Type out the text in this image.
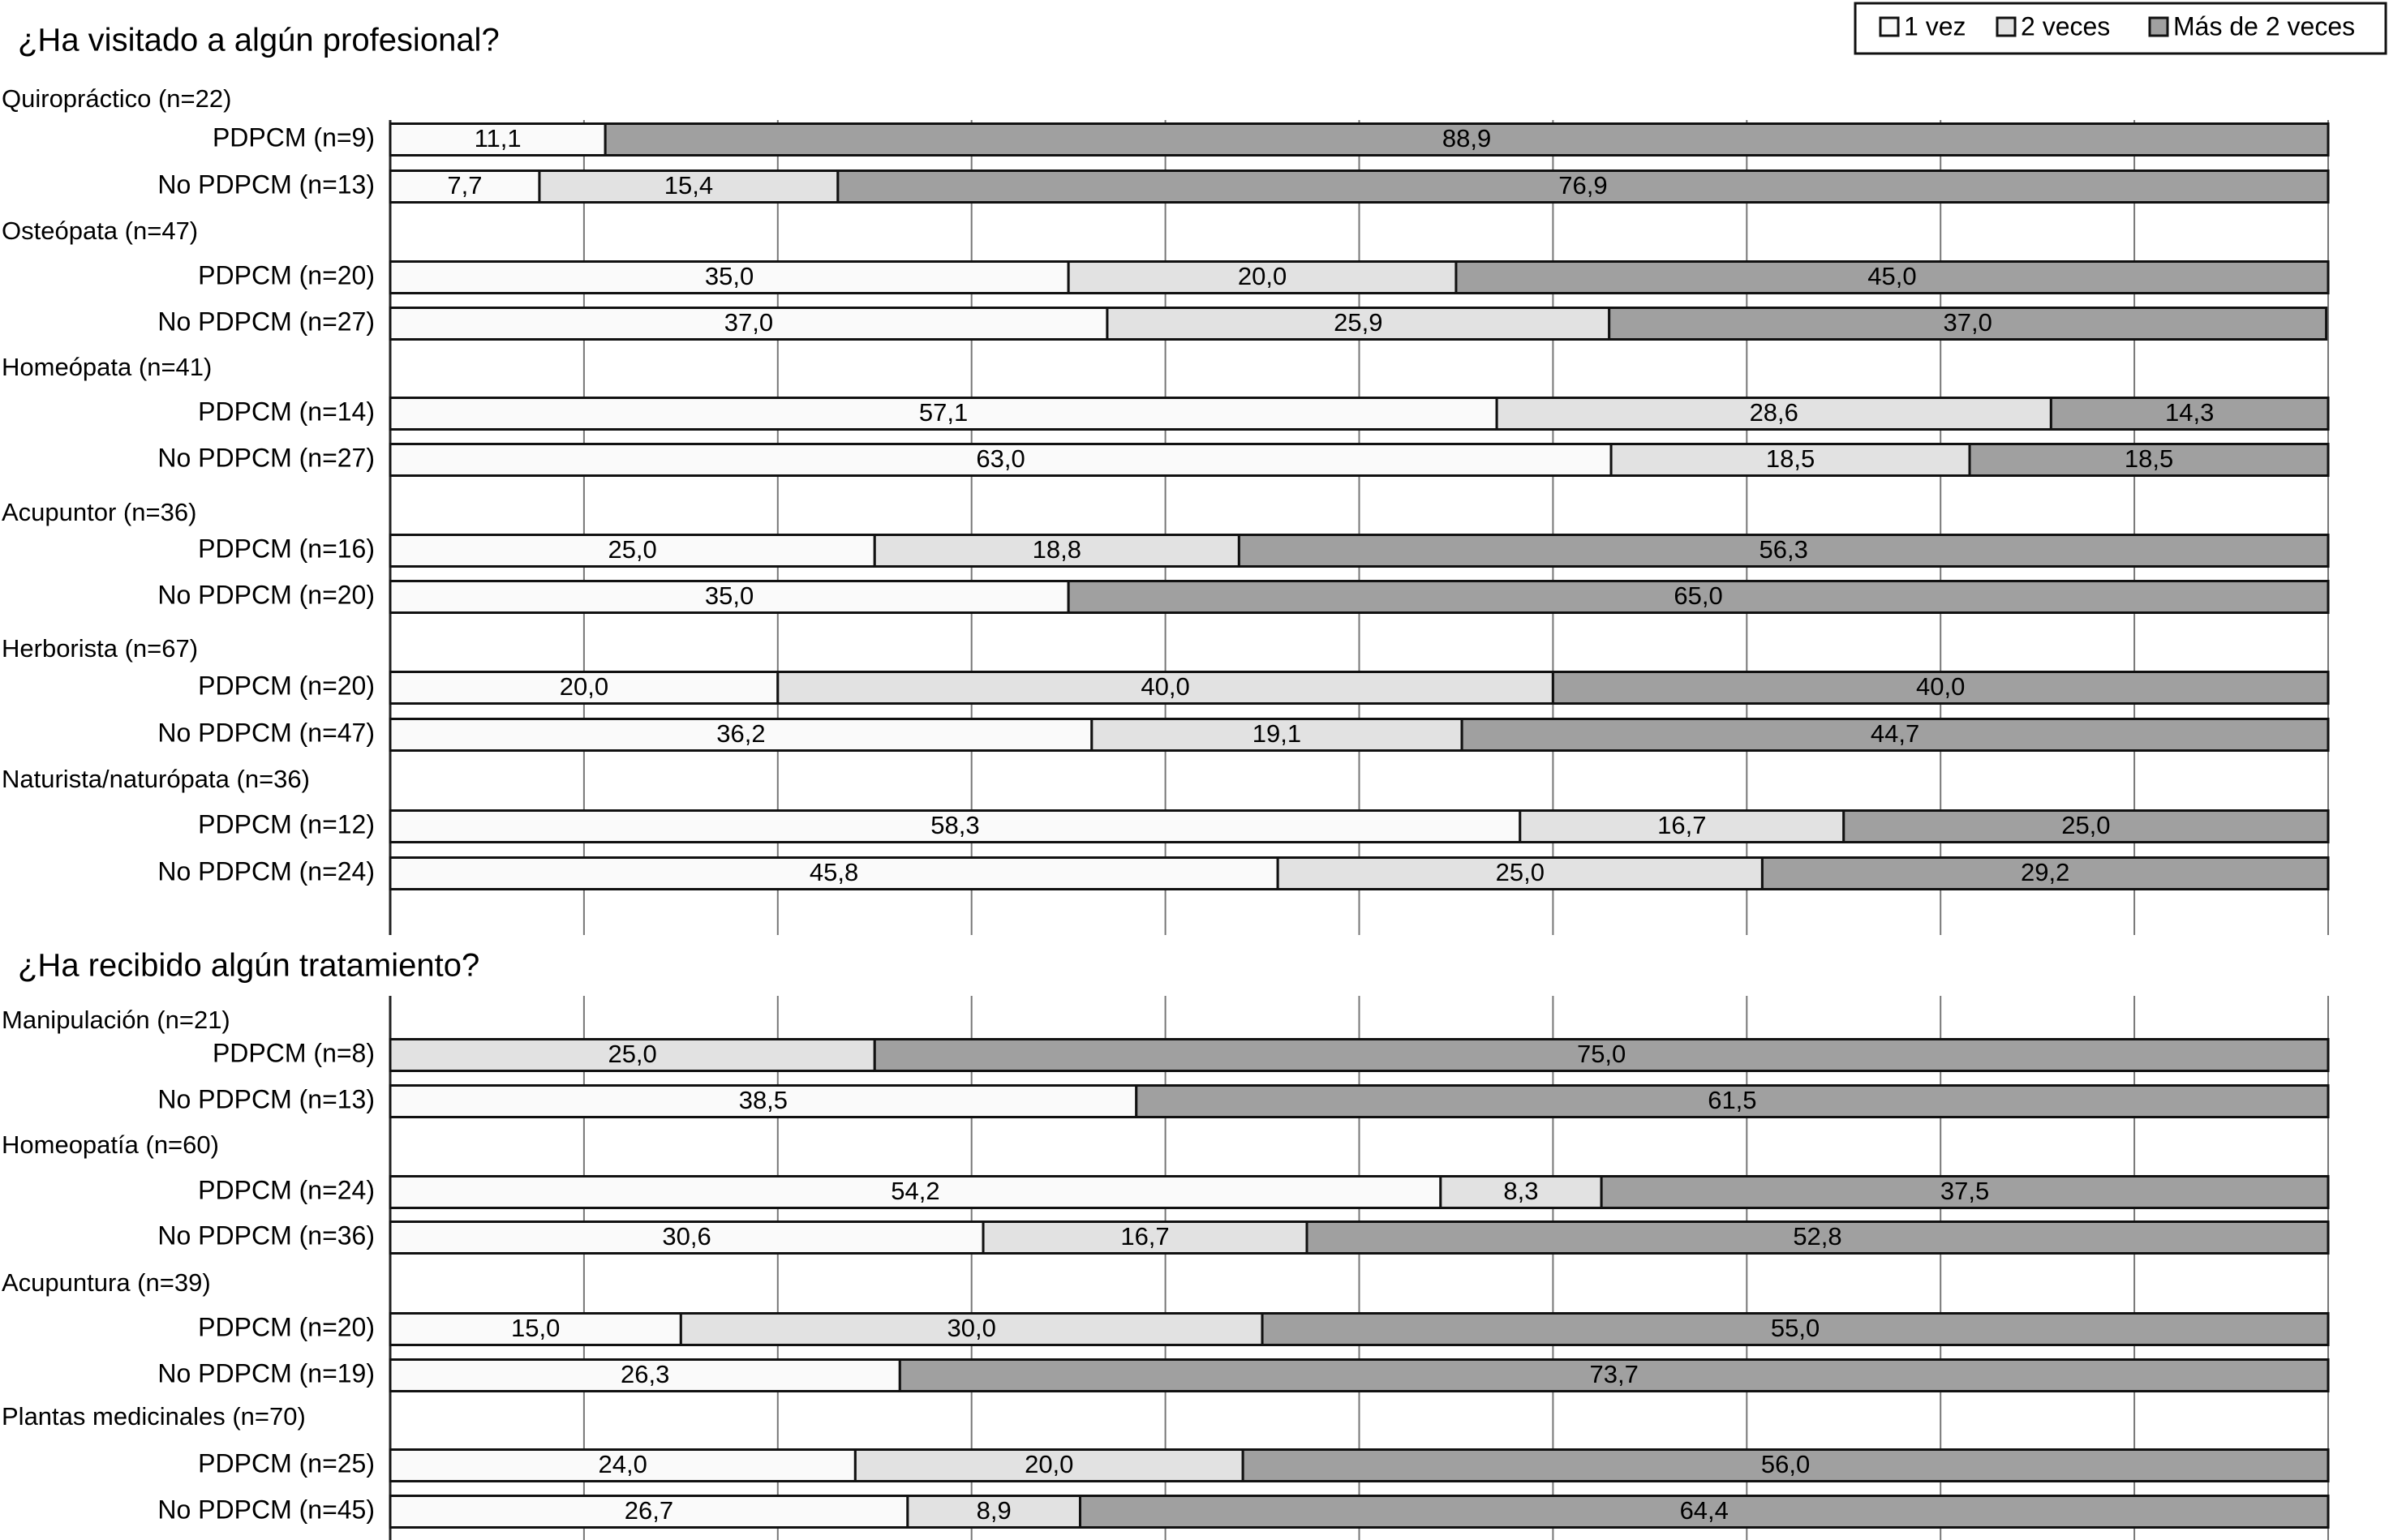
¿Ha visitado a algún profesional?
Quiropráctico (n=22)
PDPCM (n=9)	11,1	88,9
No PDPCM (n=13)	7,7	15,4	76,9
Osteópata (n=47)
PDPCM (n=20)	35,0	20,0	45,0
No PDPCM (n=27)	37,0	25,9	37,0
Homeópata (n=41)
PDPCM (n=14)	57,1	28,6	14,3
No PDPCM (n=27)	63,0	18,5	18,5
Acupuntor (n=36)
PDPCM (n=16)	25,0	18,8	56,3
No PDPCM (n=20)	35,0	65,0
Herborista (n=67)
PDPCM (n=20)	20,0	40,0	40,0
No PDPCM (n=47)	36,2	19,1	44,7
Naturista/naturópata (n=36)
PDPCM (n=12)	58,3	16,7	25,0
No PDPCM (n=24)	45,8	25,0	29,2
¿Ha recibido algún tratamiento?
Manipulación (n=21)
PDPCM (n=8)	25,0	75,0
No PDPCM (n=13)	38,5	61,5
Homeopatía (n=60)
PDPCM (n=24)	54,2	8,3	37,5
No PDPCM (n=36)	30,6	16,7	52,8
Acupuntura (n=39)
PDPCM (n=20)	15,0	30,0	55,0
No PDPCM (n=19)	26,3	73,7
Plantas medicinales (n=70)
PDPCM (n=25)	24,0	20,0	56,0
No PDPCM (n=45)	26,7	8,9	64,4
1 vez 2 veces Más de 2 veces
